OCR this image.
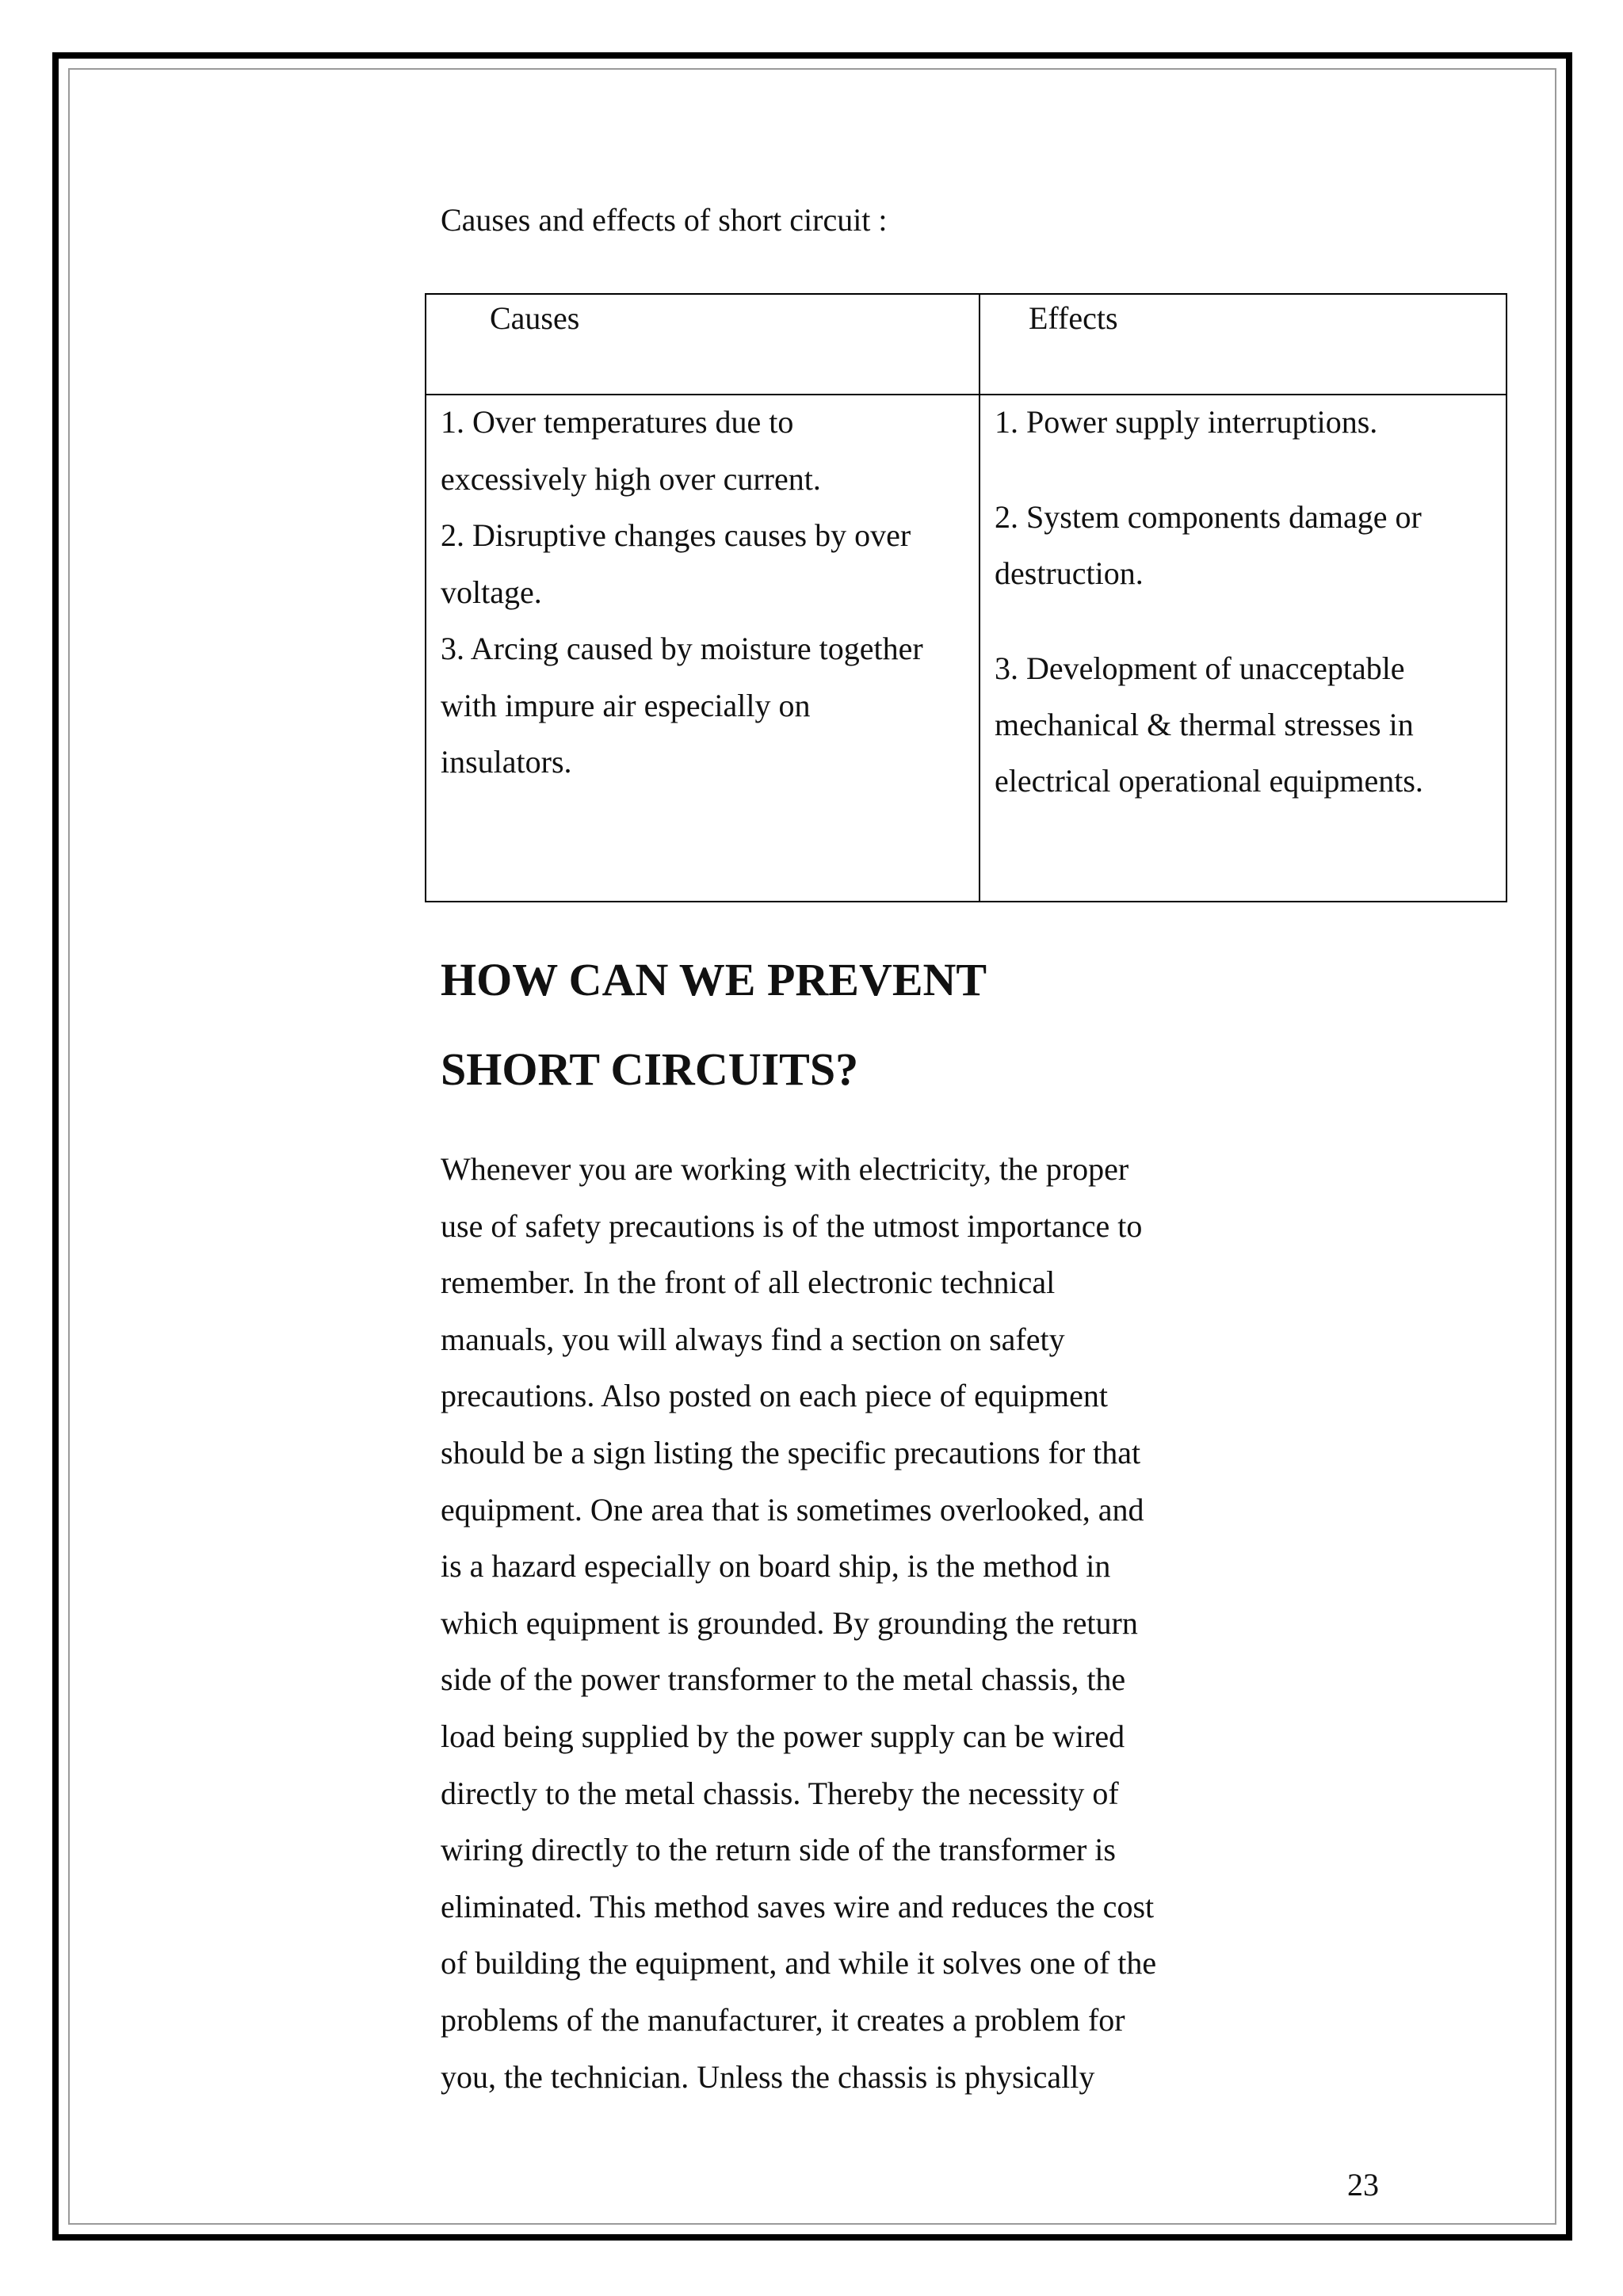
Causes and effects of short circuit :
Causes	Effects

1. Over temperatures due to

excessively high over current.

2. Disruptive changes causes by over

voltage.

3. Arcing caused by moisture together

with impure air especially on

insulators.

1. Power supply interruptions.
2. System components damage or
destruction.
3. Development of unacceptable
mechanical & thermal stresses in
electrical operational equipments.
HOW CAN WE PREVENT
SHORT CIRCUITS?

Whenever you are working with electricity, the proper
use of safety precautions is of the utmost importance to
remember. In the front of all electronic technical
manuals, you will always find a section on safety
precautions. Also posted on each piece of equipment
should be a sign listing the specific precautions for that
equipment. One area that is sometimes overlooked, and
is a hazard especially on board ship, is the method in
which equipment is grounded. By grounding the return
side of the power transformer to the metal chassis, the
load being supplied by the power supply can be wired
directly to the metal chassis. Thereby the necessity of
wiring directly to the return side of the transformer is
eliminated. This method saves wire and reduces the cost
of building the equipment, and while it solves one of the
problems of the manufacturer, it creates a problem for
you, the technician. Unless the chassis is physically

23
